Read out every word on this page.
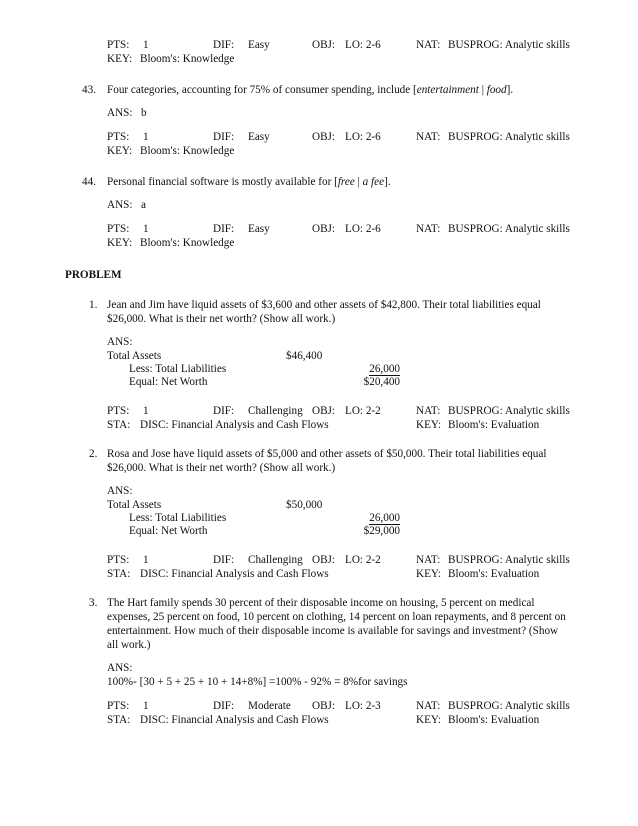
PTS: 1	DIF: Easy	OBJ: LO: 2-6	NAT: BUSPROG: Analytic skills
KEY: Bloom's: Knowledge
43. Four categories, accounting for 75% of consumer spending, include [entertainment | food].
ANS: b
PTS: 1	DIF: Easy	OBJ: LO: 2-6	NAT: BUSPROG: Analytic skills
KEY: Bloom's: Knowledge
44. Personal financial software is mostly available for [free | a fee].
ANS: a
PTS: 1	DIF: Easy	OBJ: LO: 2-6	NAT: BUSPROG: Analytic skills
KEY: Bloom's: Knowledge
PROBLEM
1. Jean and Jim have liquid assets of $3,600 and other assets of $42,800. Their total liabilities equal
$26,000. What is their net worth? (Show all work.)
ANS:
Total Assets	$46,400
Less: Total Liabilities	26,000
Equal: Net Worth	$20,400
PTS: 1	DIF: Challenging OBJ: LO: 2-2	NAT: BUSPROG: Analytic skills
STA: DISC: Financial Analysis and Cash Flows	KEY: Bloom's: Evaluation
2. Rosa and Jose have liquid assets of $5,000 and other assets of $50,000. Their total liabilities equal
$26,000. What is their net worth? (Show all work.)
ANS:
Total Assets	$50,000
Less: Total Liabilities	26,000
Equal: Net Worth	$29,000
PTS: 1	DIF: Challenging OBJ: LO: 2-2	NAT: BUSPROG: Analytic skills
STA: DISC: Financial Analysis and Cash Flows	KEY: Bloom's: Evaluation
3. The Hart family spends 30 percent of their disposable income on housing, 5 percent on medical
expenses, 25 percent on food, 10 percent on clothing, 14 percent on loan repayments, and 8 percent on
entertainment. How much of their disposable income is available for savings and investment? (Show
all work.)
ANS:
100%- [30 + 5 + 25 + 10 + 14+8%] =100% - 92% = 8%for savings
PTS: 1	DIF: Moderate OBJ: LO: 2-3	NAT: BUSPROG: Analytic skills
STA: DISC: Financial Analysis and Cash Flows	KEY: Bloom's: Evaluation
